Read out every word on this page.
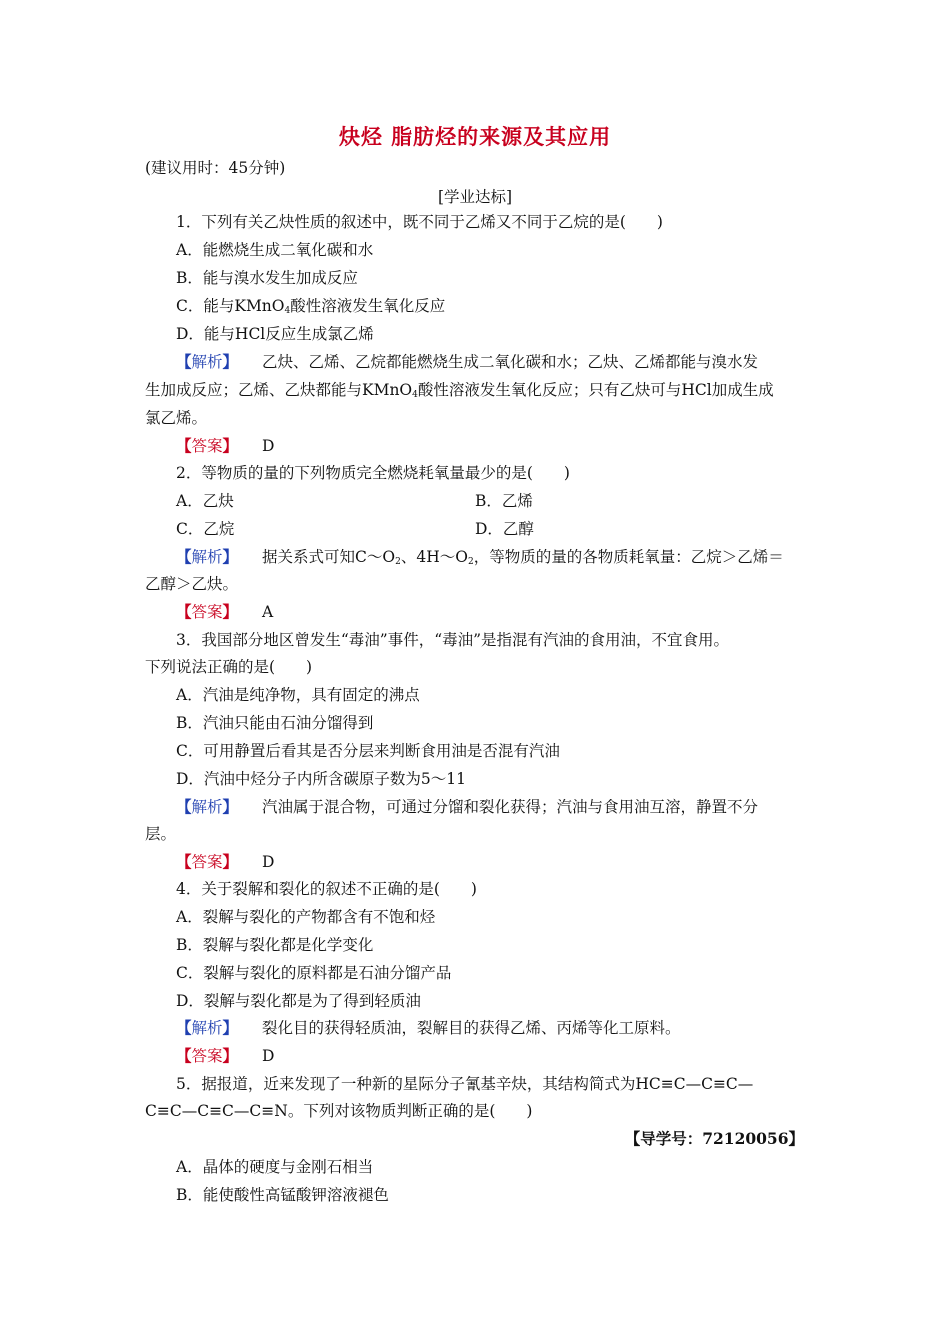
炔烃 脂肪烃的来源及其应用
(建议用时：45分钟)
[学业达标]
1．下列有关乙炔性质的叙述中，既不同于乙烯又不同于乙烷的是(　　)
A．能燃烧生成二氧化碳和水
B．能与溴水发生加成反应
C．能与KMnO$_4$酸性溶液发生氧化反应
D．能与HCl反应生成氯乙烯
【解析】 乙炔、乙烯、乙烷都能燃烧生成二氧化碳和水；乙炔、乙烯都能与溴水发
生加成反应；乙烯、乙炔都能与KMnO$_4$酸性溶液发生氧化反应；只有乙炔可与HCl加成生成
氯乙烯。
【答案】 D
2．等物质的量的下列物质完全燃烧耗氧量最少的是(　　)
A．乙炔	B．乙烯
C．乙烷	D．乙醇
【解析】 据关系式可知$C\sim O_2$、$4H\sim O_2$，等物质的量的各物质耗氧量：乙烷＞乙烯＝
乙醇＞乙炔。
【答案】 A
3．我国部分地区曾发生“毒油”事件，“毒油”是指混有汽油的食用油，不宜食用。
下列说法正确的是(　　)
A．汽油是纯净物，具有固定的沸点
B．汽油只能由石油分馏得到
C．可用静置后看其是否分层来判断食用油是否混有汽油
D．汽油中烃分子内所含碳原子数为5～11
【解析】 汽油属于混合物，可通过分馏和裂化获得；汽油与食用油互溶，静置不分
层。
【答案】 D
4．关于裂解和裂化的叙述不正确的是(　　)
A．裂解与裂化的产物都含有不饱和烃
B．裂解与裂化都是化学变化
C．裂解与裂化的原料都是石油分馏产品
D．裂解与裂化都是为了得到轻质油
【解析】 裂化目的获得轻质油，裂解目的获得乙烯、丙烯等化工原料。
【答案】 D
5．据报道，近来发现了一种新的星际分子氰基辛炔，其结构简式为HC≡C—C≡C—
C≡C—C≡C—C≡N。下列对该物质判断正确的是(　　)
【导学号：72120056】
A．晶体的硬度与金刚石相当
B．能使酸性高锰酸钾溶液褪色
